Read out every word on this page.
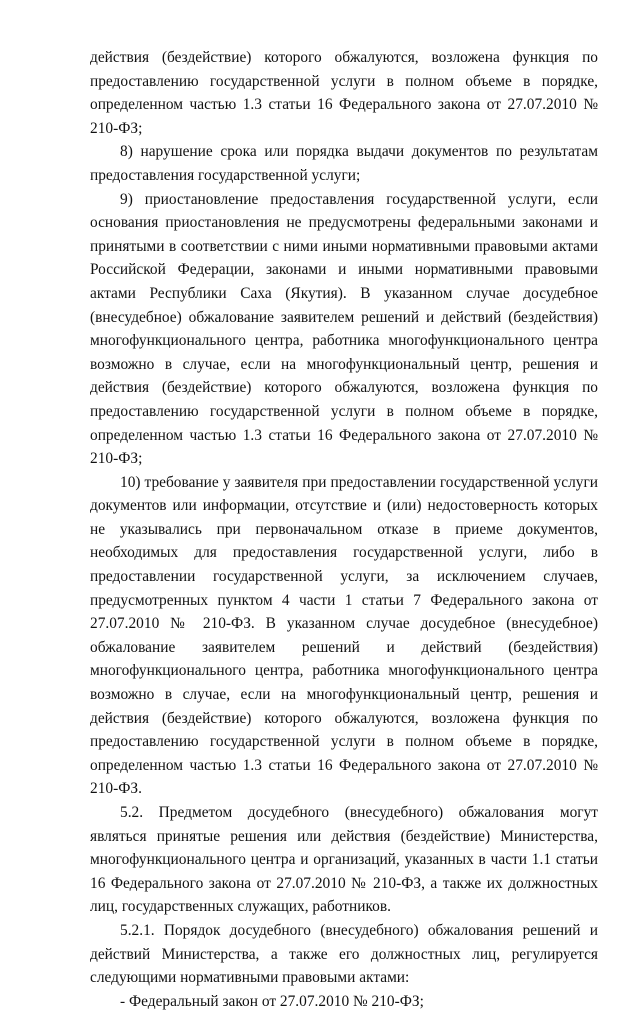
действия (бездействие) которого обжалуются, возложена функция по предоставлению государственной услуги в полном объеме в порядке, определенном частью 1.3 статьи 16 Федерального закона от 27.07.2010 № 210-ФЗ;

8) нарушение срока или порядка выдачи документов по результатам предоставления государственной услуги;

9) приостановление предоставления государственной услуги, если основания приостановления не предусмотрены федеральными законами и принятыми в соответствии с ними иными нормативными правовыми актами Российской Федерации, законами и иными нормативными правовыми актами Республики Саха (Якутия). В указанном случае досудебное (внесудебное) обжалование заявителем решений и действий (бездействия) многофункционального центра, работника многофункционального центра возможно в случае, если на многофункциональный центр, решения и действия (бездействие) которого обжалуются, возложена функция по предоставлению государственной услуги в полном объеме в порядке, определенном частью 1.3 статьи 16 Федерального закона от 27.07.2010 № 210-ФЗ;

10) требование у заявителя при предоставлении государственной услуги документов или информации, отсутствие и (или) недостоверность которых не указывались при первоначальном отказе в приеме документов, необходимых для предоставления государственной услуги, либо в предоставлении государственной услуги, за исключением случаев, предусмотренных пунктом 4 части 1 статьи 7 Федерального закона от 27.07.2010 № 210-ФЗ. В указанном случае досудебное (внесудебное) обжалование заявителем решений и действий (бездействия) многофункционального центра, работника многофункционального центра возможно в случае, если на многофункциональный центр, решения и действия (бездействие) которого обжалуются, возложена функция по предоставлению государственной услуги в полном объеме в порядке, определенном частью 1.3 статьи 16 Федерального закона от 27.07.2010 № 210-ФЗ.

5.2. Предметом досудебного (внесудебного) обжалования могут являться принятые решения или действия (бездействие) Министерства, многофункционального центра и организаций, указанных в части 1.1 статьи 16 Федерального закона от 27.07.2010 № 210-ФЗ, а также их должностных лиц, государственных служащих, работников.

5.2.1. Порядок досудебного (внесудебного) обжалования решений и действий Министерства, а также его должностных лиц, регулируется следующими нормативными правовыми актами:

- Федеральный закон от 27.07.2010 № 210-ФЗ;
